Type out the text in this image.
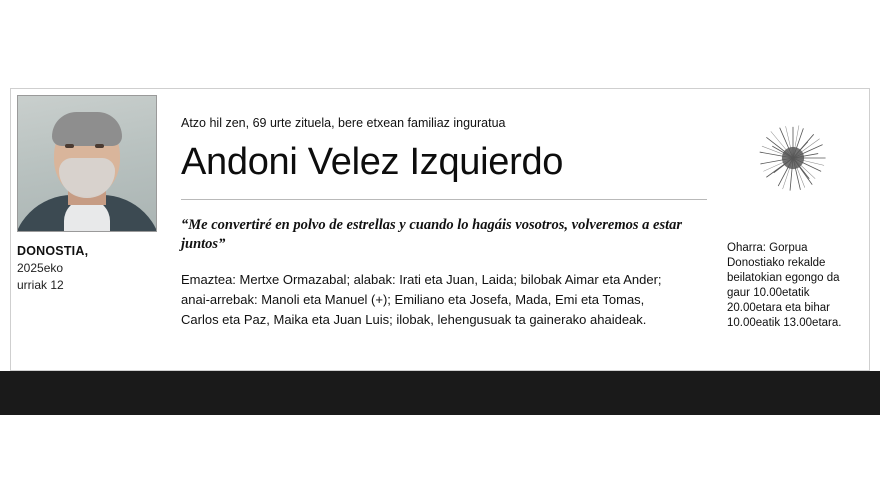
DONOSTIA,
2025eko
urriak 12
Atzo hil zen, 69 urte zituela, bere etxean familiaz inguratua
Andoni Velez Izquierdo
“Me convertiré en polvo de estrellas y cuando lo hagáis vosotros, volveremos a estar juntos”
Emaztea: Mertxe Ormazabal; alabak: Irati eta Juan, Laida; bilobak Aimar eta Ander;
anai-arrebak: Manoli eta Manuel (+); Emiliano eta Josefa, Mada, Emi eta Tomas,
Carlos eta Paz, Maika eta Juan Luis; ilobak, lehengusuak ta gainerako ahaideak.
Oharra: Gorpua
Donostiako rekalde
beilatokian egongo da
gaur 10.00etatik
20.00etara eta bihar
10.00eatik 13.00etara.
